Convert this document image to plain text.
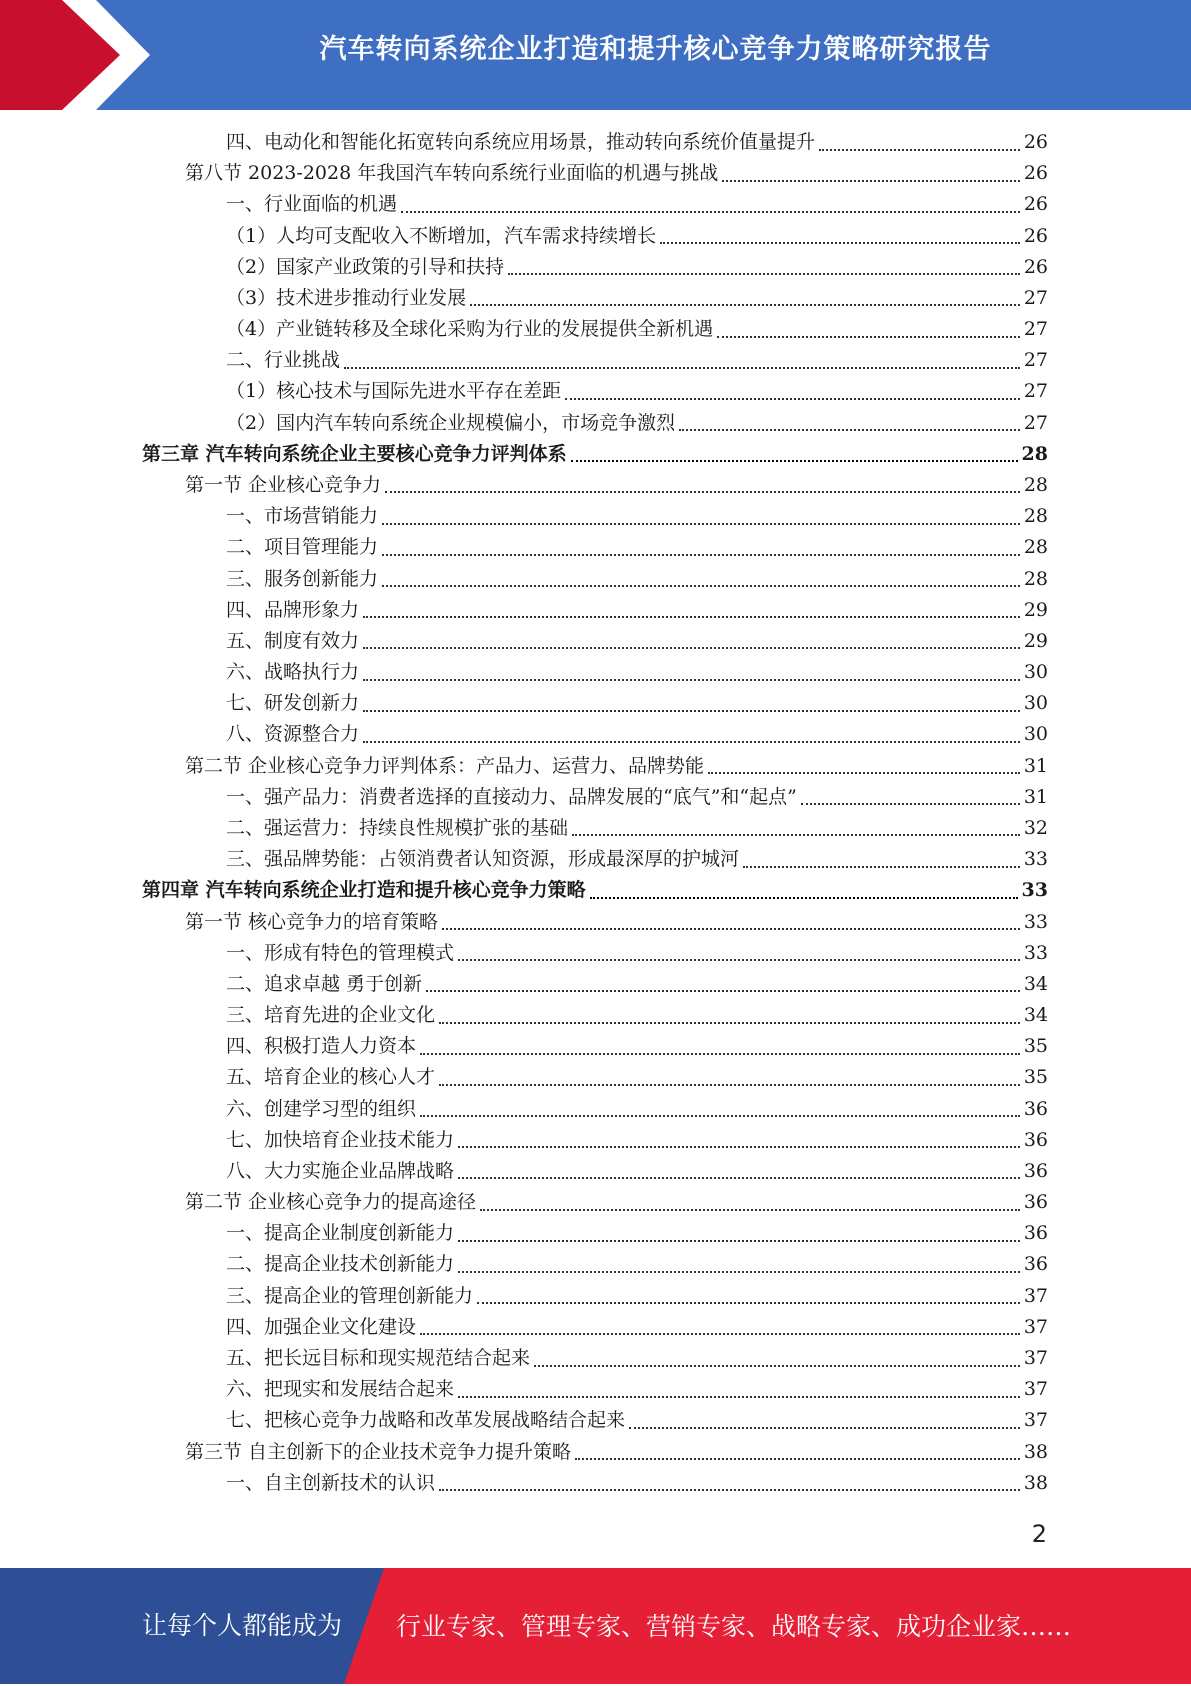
汽车转向系统企业打造和提升核心竞争力策略研究报告
四、电动化和智能化拓宽转向系统应用场景，推动转向系统价值量提升	26
第八节 2023-2028 年我国汽车转向系统行业面临的机遇与挑战	26
一、行业面临的机遇	26
（1）人均可支配收入不断增加，汽车需求持续增长	26
（2）国家产业政策的引导和扶持	26
（3）技术进步推动行业发展	27
（4）产业链转移及全球化采购为行业的发展提供全新机遇	27
二、行业挑战	27
（1）核心技术与国际先进水平存在差距	27
（2）国内汽车转向系统企业规模偏小，市场竞争激烈	27
第三章 汽车转向系统企业主要核心竞争力评判体系	28
第一节 企业核心竞争力	28
一、市场营销能力	28
二、项目管理能力	28
三、服务创新能力	28
四、品牌形象力	29
五、制度有效力	29
六、战略执行力	30
七、研发创新力	30
八、资源整合力	30
第二节 企业核心竞争力评判体系：产品力、运营力、品牌势能	31
一、强产品力：消费者选择的直接动力、品牌发展的“底气”和“起点”	31
二、强运营力：持续良性规模扩张的基础	32
三、强品牌势能：占领消费者认知资源，形成最深厚的护城河	33
第四章 汽车转向系统企业打造和提升核心竞争力策略	33
第一节 核心竞争力的培育策略	33
一、形成有特色的管理模式	33
二、追求卓越 勇于创新	34
三、培育先进的企业文化	34
四、积极打造人力资本	35
五、培育企业的核心人才	35
六、创建学习型的组织	36
七、加快培育企业技术能力	36
八、大力实施企业品牌战略	36
第二节 企业核心竞争力的提高途径	36
一、提高企业制度创新能力	36
二、提高企业技术创新能力	36
三、提高企业的管理创新能力	37
四、加强企业文化建设	37
五、把长远目标和现实规范结合起来	37
六、把现实和发展结合起来	37
七、把核心竞争力战略和改革发展战略结合起来	37
第三节 自主创新下的企业技术竞争力提升策略	38
一、自主创新技术的认识	38
2
让每个人都能成为 行业专家、管理专家、营销专家、战略专家、成功企业家……
